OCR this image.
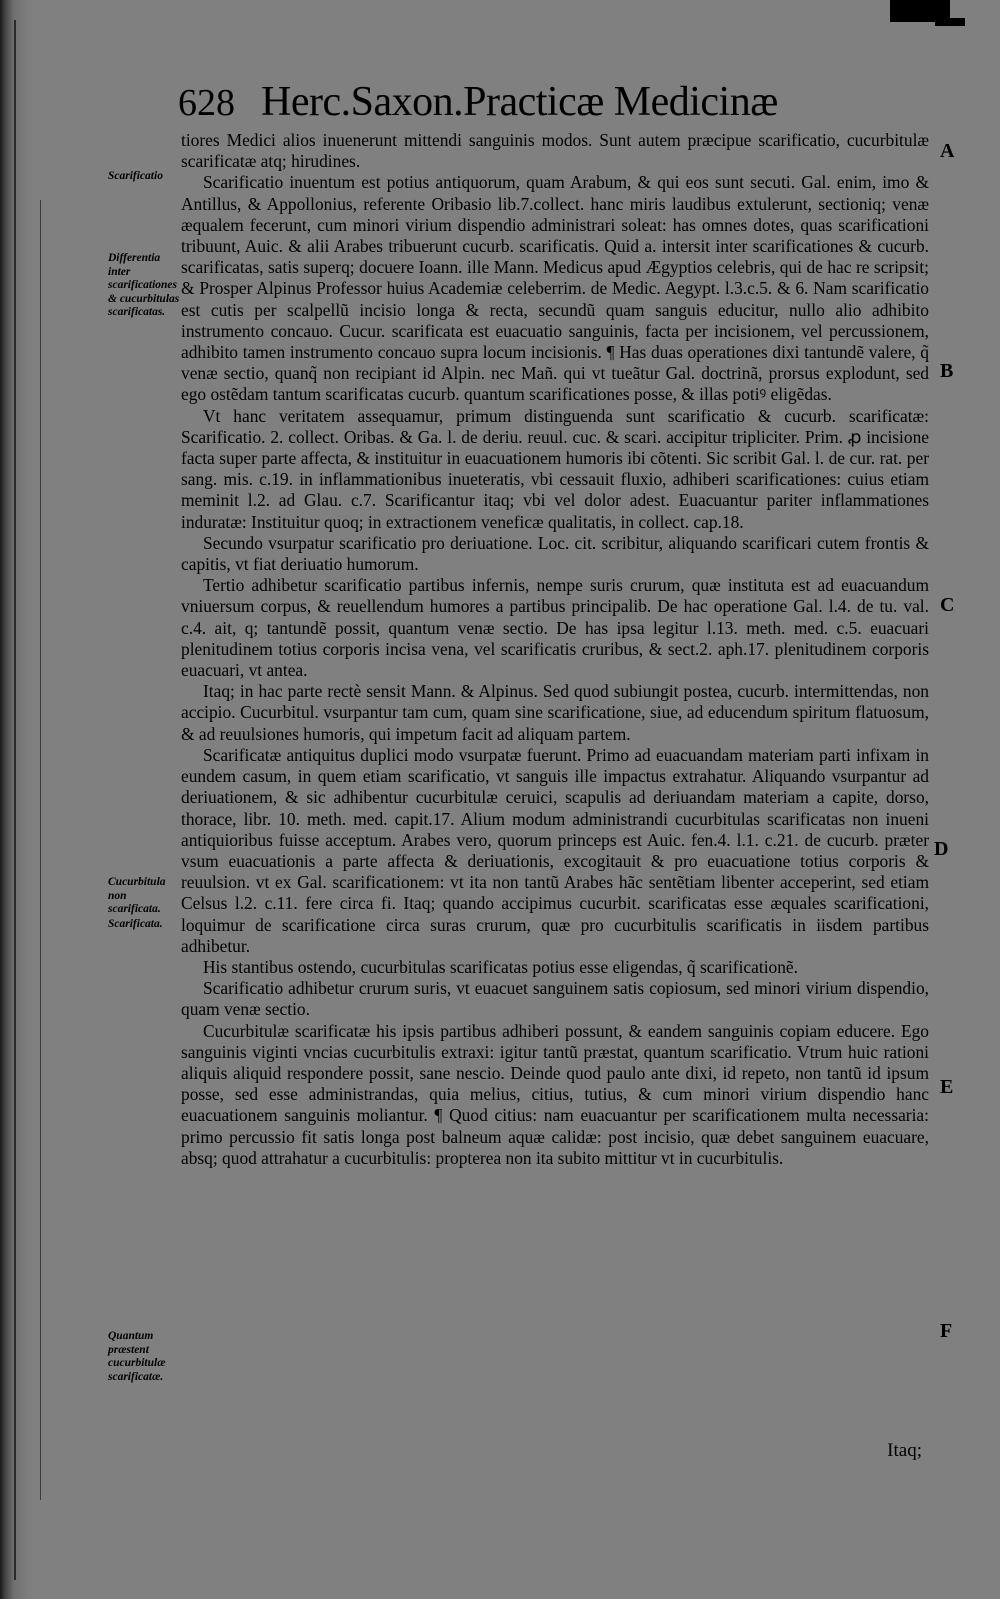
628 Herc.Saxon.Practicæ Medicinæ
Scarificatio
Differentia inter scarificationes & cucurbitulas scarificatas.
Cucurbitula non scarificata.
Scarificata.
Quantum præstent cucurbitulæ scarificatæ.
A
B
C
D
E
F

tiores Medici alios inuenerunt mittendi sanguinis modos. Sunt autem præcipue scarificatio, cucurbitulæ scarificatæ atq; hirudines.

Scarificatio inuentum est potius antiquorum, quam Arabum, & qui eos sunt secuti. Gal. enim, imo & Antillus, & Appollonius, referente Oribasio lib.7.collect. hanc miris laudibus extulerunt, sectioniq; venæ æqualem fecerunt, cum minori virium dispendio administrari soleat: has omnes dotes, quas scarificationi tribuunt, Auic. & alii Arabes tribuerunt cucurb. scarificatis. Quid a. intersit inter scarificationes & cucurb. scarificatas, satis superq; docuere Ioann. ille Mann. Medicus apud Ægyptios celebris, qui de hac re scripsit; & Prosper Alpinus Professor huius Academiæ celeberrim. de Medic. Aegypt. l.3.c.5. & 6. Nam scarificatio est cutis per scalpellũ incisio longa & recta, secundũ quam sanguis educitur, nullo alio adhibito instrumento concauo. Cucur. scarificata est euacuatio sanguinis, facta per incisionem, vel percussionem, adhibito tamen instrumento concauo supra locum incisionis. ¶ Has duas operationes dixi tantundẽ valere, q̃ venæ sectio, quanq̃ non recipiant id Alpin. nec Mañ. qui vt tueãtur Gal. doctrinã, prorsus explodunt, sed ego ostẽdam tantum scarificatas cucurb. quantum scarificationes posse, & illas potiꝰ eligẽdas.

Vt hanc veritatem assequamur, primum distinguenda sunt scarificatio & cucurb. scarificatæ: Scarificatio. 2. collect. Oribas. & Ga. l. de deriu. reuul. cuc. & scari. accipitur tripliciter. Prim. ꝓ incisione facta super parte affecta, & instituitur in euacuationem humoris ibi cõtenti. Sic scribit Gal. l. de cur. rat. per sang. mis. c.19. in inflammationibus inueteratis, vbi cessauit fluxio, adhiberi scarificationes: cuius etiam meminit l.2. ad Glau. c.7. Scarificantur itaq; vbi vel dolor adest. Euacuantur pariter inflammationes induratæ: Instituitur quoq; in extractionem veneficæ qualitatis, in collect. cap.18.

Secundo vsurpatur scarificatio pro deriuatione. Loc. cit. scribitur, aliquando scarificari cutem frontis & capitis, vt fiat deriuatio humorum.

Tertio adhibetur scarificatio partibus infernis, nempe suris crurum, quæ instituta est ad euacuandum vniuersum corpus, & reuellendum humores a partibus principalib. De hac operatione Gal. l.4. de tu. val. c.4. ait, q; tantundẽ possit, quantum venæ sectio. De has ipsa legitur l.13. meth. med. c.5. euacuari plenitudinem totius corporis incisa vena, vel scarificatis cruribus, & sect.2. aph.17. plenitudinem corporis euacuari, vt antea.

Itaq; in hac parte rectè sensit Mann. & Alpinus. Sed quod subiungit postea, cucurb. intermittendas, non accipio. Cucurbitul. vsurpantur tam cum, quam sine scarificatione, siue, ad educendum spiritum flatuosum, & ad reuulsiones humoris, qui impetum facit ad aliquam partem.

Scarificatæ antiquitus duplici modo vsurpatæ fuerunt. Primo ad euacuandam materiam parti infixam in eundem casum, in quem etiam scarificatio, vt sanguis ille impactus extrahatur. Aliquando vsurpantur ad deriuationem, & sic adhibentur cucurbitulæ ceruici, scapulis ad deriuandam materiam a capite, dorso, thorace, libr. 10. meth. med. capit.17. Alium modum administrandi cucurbitulas scarificatas non inueni antiquioribus fuisse acceptum. Arabes vero, quorum princeps est Auic. fen.4. l.1. c.21. de cucurb. præter vsum euacuationis a parte affecta & deriuationis, excogitauit & pro euacuatione totius corporis & reuulsion. vt ex Gal. scarificationem: vt ita non tantũ Arabes hãc sentẽtiam libenter acceperint, sed etiam Celsus l.2. c.11. fere circa fi. Itaq; quando accipimus cucurbit. scarificatas esse æquales scarificationi, loquimur de scarificatione circa suras crurum, quæ pro cucurbitulis scarificatis in iisdem partibus adhibetur.

His stantibus ostendo, cucurbitulas scarificatas potius esse eligendas, q̃ scarificationẽ.

Scarificatio adhibetur crurum suris, vt euacuet sanguinem satis copiosum, sed minori virium dispendio, quam venæ sectio.

Cucurbitulæ scarificatæ his ipsis partibus adhiberi possunt, & eandem sanguinis copiam educere. Ego sanguinis viginti vncias cucurbitulis extraxi: igitur tantũ præstat, quantum scarificatio. Vtrum huic rationi aliquis aliquid respondere possit, sane nescio. Deinde quod paulo ante dixi, id repeto, non tantũ id ipsum posse, sed esse administrandas, quia melius, citius, tutius, & cum minori virium dispendio hanc euacuationem sanguinis moliantur. ¶ Quod citius: nam euacuantur per scarificationem multa necessaria: primo percussio fit satis longa post balneum aquæ calidæ: post incisio, quæ debet sanguinem euacuare, absq; quod attrahatur a cucurbitulis: propterea non ita subito mittitur vt in cucurbitulis.

Itaq;
